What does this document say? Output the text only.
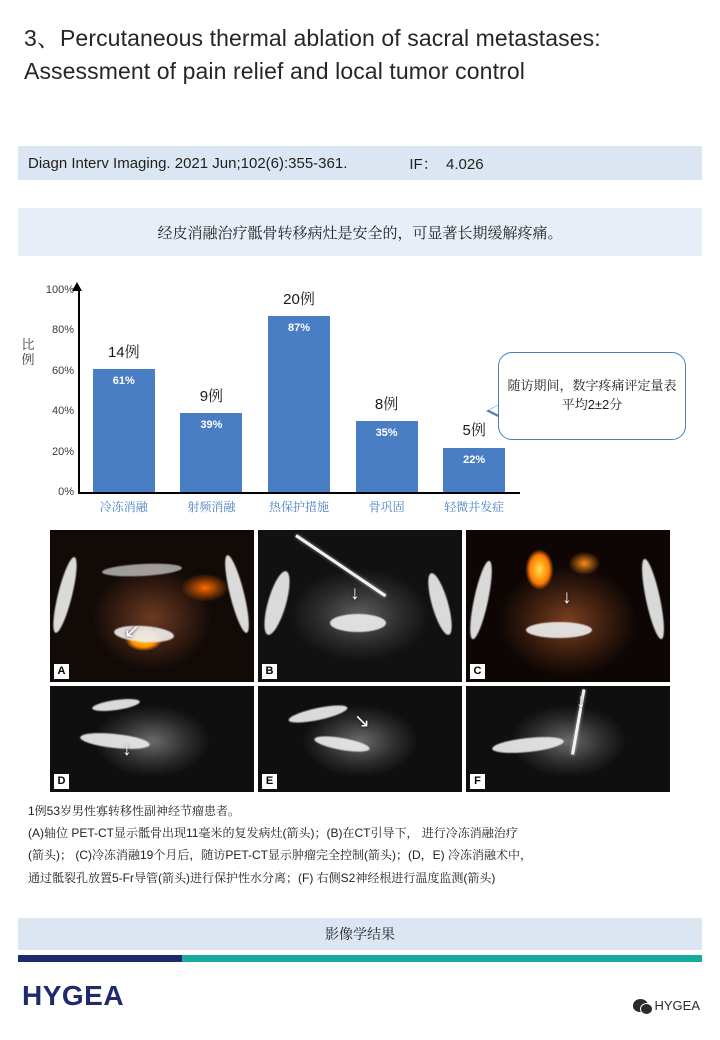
3、Percutaneous thermal ablation of sacral metastases: Assessment of pain relief and local tumor control
Diagn Interv Imaging. 2021 Jun;102(6):355-361.	IF：  4.026
经皮消融治疗骶骨转移病灶是安全的，可显著长期缓解疼痛。
比例
0%
20%
40%
60%
80%
100%
14例
61%
9例
39%
20例
87%
8例
35%	5例
22%
冷冻消融	射频消融	热保护措施	骨巩固	轻微并发症
随访期间，数字疼痛评定量表平均2±2分
↙
A
↓
B
↓
C
↓
D
↘
E
↓
F
1例53岁男性寡转移性副神经节瘤患者。
(A)轴位 PET-CT显示骶骨出现11毫米的复发病灶(箭头)；(B)在CT引导下， 进行冷冻消融治疗
(箭头)； (C)冷冻消融19个月后，随访PET-CT显示肿瘤完全控制(箭头)；(D，E) 冷冻消融术中，
通过骶裂孔放置5-Fr导管(箭头)进行保护性水分离；(F) 右侧S2神经根进行温度监测(箭头)
影像学结果
HYGEA	HYGEA
